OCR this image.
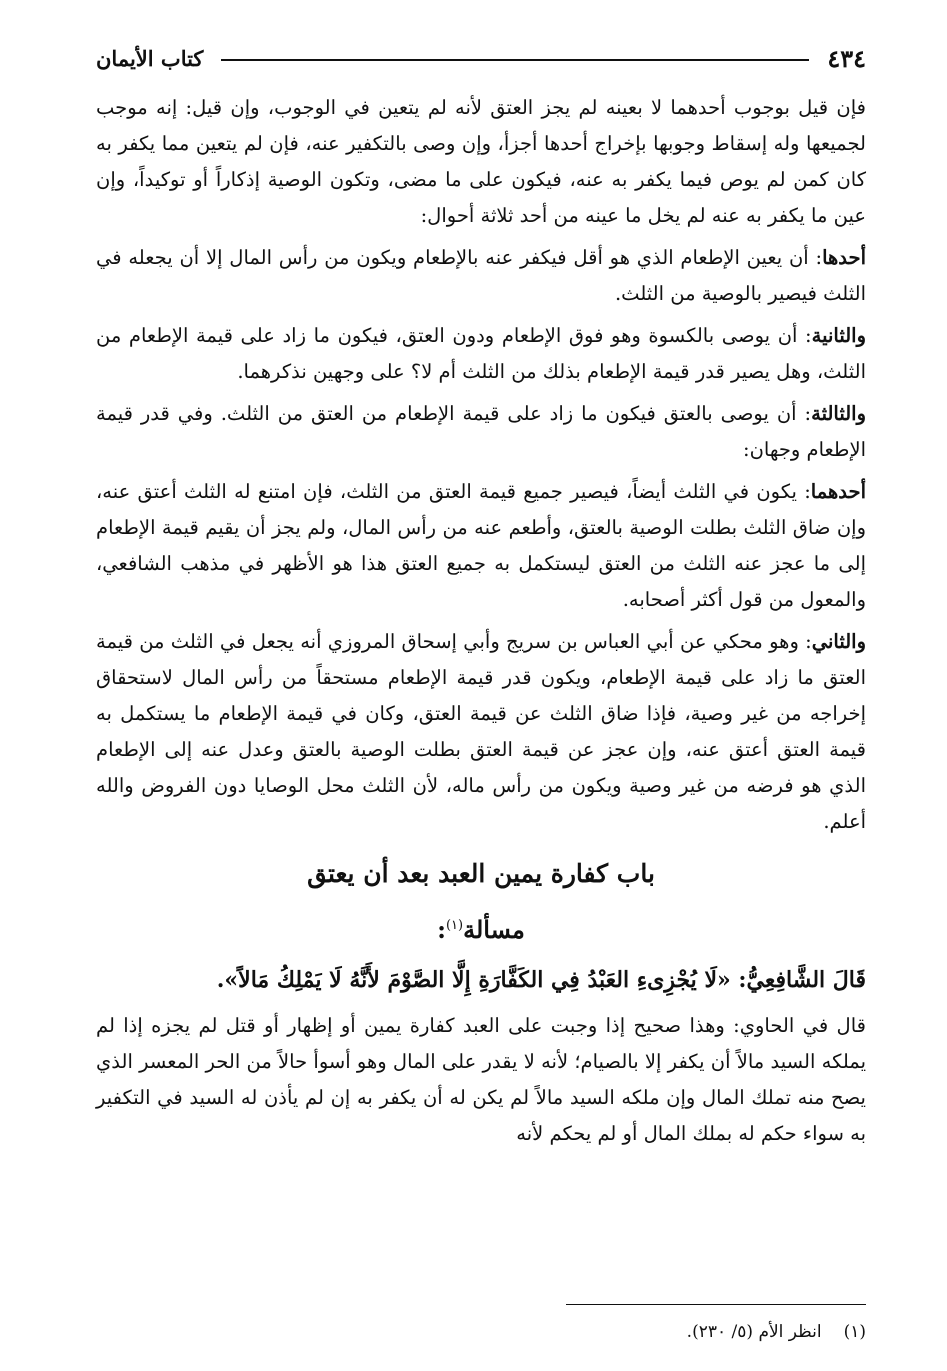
٤٣٤
كتاب الأيمان

فإن قيل بوجوب أحدهما لا بعينه لم يجز العتق لأنه لم يتعين في الوجوب، وإن قيل: إنه موجب لجميعها وله إسقاط وجوبها بإخراج أحدها أجزأ، وإن وصى بالتكفير عنه، فإن لم يتعين مما يكفر به كان كمن لم يوص فيما يكفر به عنه، فيكون على ما مضى، وتكون الوصية إذكاراً أو توكيداً، وإن عين ما يكفر به عنه لم يخل ما عينه من أحد ثلاثة أحوال:

أحدها: أن يعين الإطعام الذي هو أقل فيكفر عنه بالإطعام ويكون من رأس المال إلا أن يجعله في الثلث فيصير بالوصية من الثلث.

والثانية: أن يوصى بالكسوة وهو فوق الإطعام ودون العتق، فيكون ما زاد على قيمة الإطعام من الثلث، وهل يصير قدر قيمة الإطعام بذلك من الثلث أم لا؟ على وجهين نذكرهما.

والثالثة: أن يوصى بالعتق فيكون ما زاد على قيمة الإطعام من العتق من الثلث. وفي قدر قيمة الإطعام وجهان:

أحدهما: يكون في الثلث أيضاً، فيصير جميع قيمة العتق من الثلث، فإن امتنع له الثلث أعتق عنه، وإن ضاق الثلث بطلت الوصية بالعتق، وأطعم عنه من رأس المال، ولم يجز أن يقيم قيمة الإطعام إلى ما عجز عنه الثلث من العتق ليستكمل به جميع العتق هذا هو الأظهر في مذهب الشافعي، والمعول من قول أكثر أصحابه.

والثاني: وهو محكي عن أبي العباس بن سريج وأبي إسحاق المروزي أنه يجعل في الثلث من قيمة العتق ما زاد على قيمة الإطعام، ويكون قدر قيمة الإطعام مستحقاً من رأس المال لاستحقاق إخراجه من غير وصية، فإذا ضاق الثلث عن قيمة العتق، وكان في قيمة الإطعام ما يستكمل به قيمة العتق أعتق عنه، وإن عجز عن قيمة العتق بطلت الوصية بالعتق وعدل عنه إلى الإطعام الذي هو فرضه من غير وصية ويكون من رأس ماله، لأن الثلث محل الوصايا دون الفروض والله أعلم.

باب كفارة يمين العبد بعد أن يعتق
مسألة$^{(١)}$:
قَالَ الشَّافِعِيُّ: «لَا يُجْزِىءِ العَبْدُ فِي الكَفَّارَةِ إِلَّا الصَّوْمَ لأَنَّهُ لَا يَمْلِكُ مَالاً».

قال في الحاوي: وهذا صحيح إذا وجبت على العبد كفارة يمين أو إظهار أو قتل لم يجزه إذا لم يملكه السيد مالاً أن يكفر إلا بالصيام؛ لأنه لا يقدر على المال وهو أسوأ حالاً من الحر المعسر الذي يصح منه تملك المال وإن ملكه السيد مالاً لم يكن له أن يكفر به إن لم يأذن له السيد في التكفير به سواء حكم له بملك المال أو لم يحكم لأنه

(١)انظر الأم (٥/ ٢٣٠).
